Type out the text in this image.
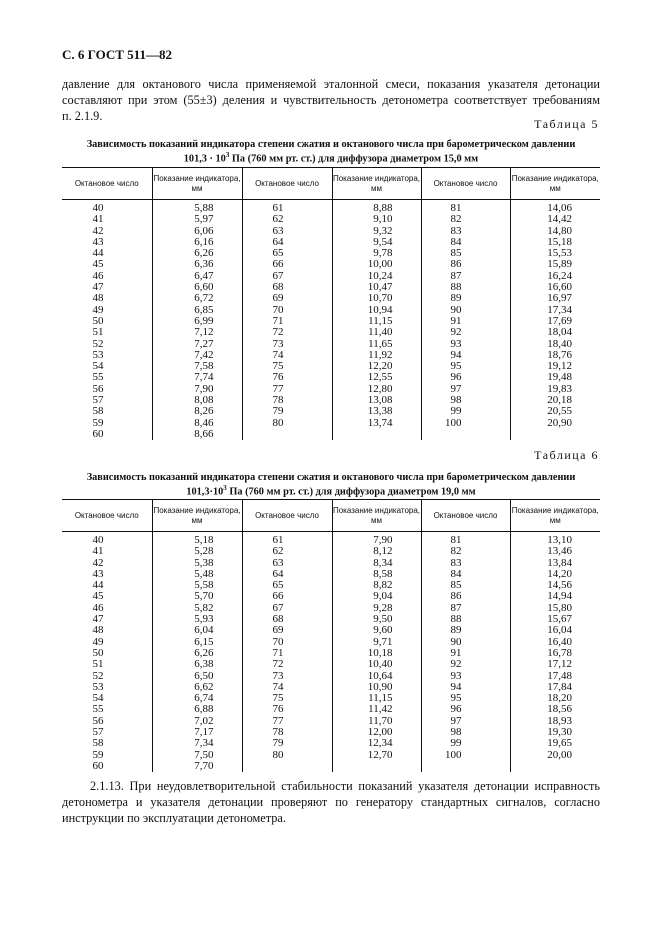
С. 6 ГОСТ 511—82
давление для октанового числа применяемой эталонной смеси, показания указателя детонации
составляют при этом (55±3) деления и чувствительность детонометра соответствует требованиям
п. 2.1.9.
Таблица 5
Зависимость показаний индикатора степени сжатия и октанового числа при барометрическом давлении
$101,3 \cdot 10^3$ Па (760 мм рт. ст.) для диффузора диаметром 15,0 мм
Октановое число	Показание индикатора, мм	Октановое число	Показание индикатора, мм	Октановое число	Показание индикатора, мм
40	5,88	61	8,88	81	14,06
41	5,97	62	9,10	82	14,42
42	6,06	63	9,32	83	14,80
43	6,16	64	9,54	84	15,18
44	6,26	65	9,78	85	15,53
45	6,36	66	10,00	86	15,89
46	6,47	67	10,24	87	16,24
47	6,60	68	10,47	88	16,60
48	6,72	69	10,70	89	16,97
49	6,85	70	10,94	90	17,34
50	6,99	71	11,15	91	17,69
51	7,12	72	11,40	92	18,04
52	7,27	73	11,65	93	18,40
53	7,42	74	11,92	94	18,76
54	7,58	75	12,20	95	19,12
55	7,74	76	12,55	96	19,48
56	7,90	77	12,80	97	19,83
57	8,08	78	13,08	98	20,18
58	8,26	79	13,38	99	20,55
59	8,46	80	13,74	100	20,90
60	8,66				
Таблица 6
Зависимость показаний индикатора степени сжатия и октанового числа при барометрическом давлении
$101,3\cdot 10^3$ Па (760 мм рт. ст.) для диффузора диаметром 19,0 мм
Октановое число	Показание индикатора, мм	Октановое число	Показание индикатора, мм	Октановое число	Показание индикатора, мм
40	5,18	61	7,90	81	13,10
41	5,28	62	8,12	82	13,46
42	5,38	63	8,34	83	13,84
43	5,48	64	8,58	84	14,20
44	5,58	65	8,82	85	14,56
45	5,70	66	9,04	86	14,94
46	5,82	67	9,28	87	15,80
47	5,93	68	9,50	88	15,67
48	6,04	69	9,60	89	16,04
49	6,15	70	9,71	90	16,40
50	6,26	71	10,18	91	16,78
51	6,38	72	10,40	92	17,12
52	6,50	73	10,64	93	17,48
53	6,62	74	10,90	94	17,84
54	6,74	75	11,15	95	18,20
55	6,88	76	11,42	96	18,56
56	7,02	77	11,70	97	18,93
57	7,17	78	12,00	98	19,30
58	7,34	79	12,34	99	19,65
59	7,50	80	12,70	100	20,00
60	7,70				
2.1.13. При неудовлетворительной стабильности показаний указателя детонации исправность
детонометра и указателя детонации проверяют по генератору стандартных сигналов, согласно
инструкции по эксплуатации детонометра.
